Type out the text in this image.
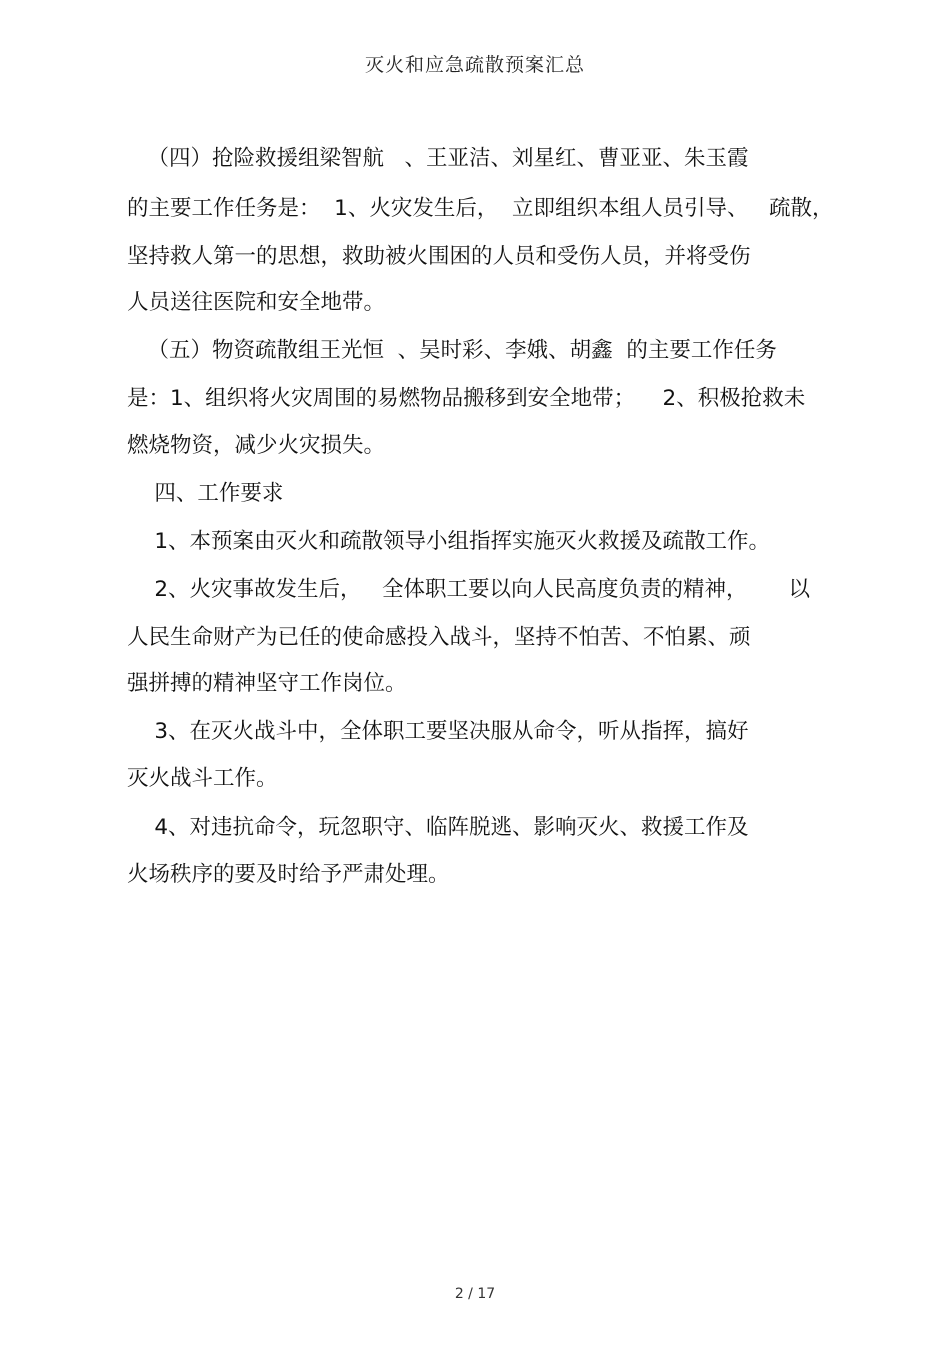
灭火和应急疏散预案汇总
（四）抢险救援组梁智航   、王亚洁、刘星红、曹亚亚、朱玉霞
的主要工作任务是：  1、火灾发生后，  立即组织本组人员引导、   疏散，
坚持救人第一的思想，救助被火围困的人员和受伤人员，并将受伤
人员送往医院和安全地带。
（五）物资疏散组王光恒  、吴时彩、李娥、胡鑫  的主要工作任务
是：1、组织将火灾周围的易燃物品搬移到安全地带；    2、积极抢救未
燃烧物资，减少火灾损失。
四、工作要求
1、本预案由灭火和疏散领导小组指挥实施灭火救援及疏散工作。
2、火灾事故发生后，   全体职工要以向人民高度负责的精神，      以
人民生命财产为已任的使命感投入战斗，坚持不怕苦、不怕累、顽
强拼搏的精神坚守工作岗位。
3、在灭火战斗中，全体职工要坚决服从命令，听从指挥，搞好
灭火战斗工作。
4、对违抗命令，玩忽职守、临阵脱逃、影响灭火、救援工作及
火场秩序的要及时给予严肃处理。
2 / 17
